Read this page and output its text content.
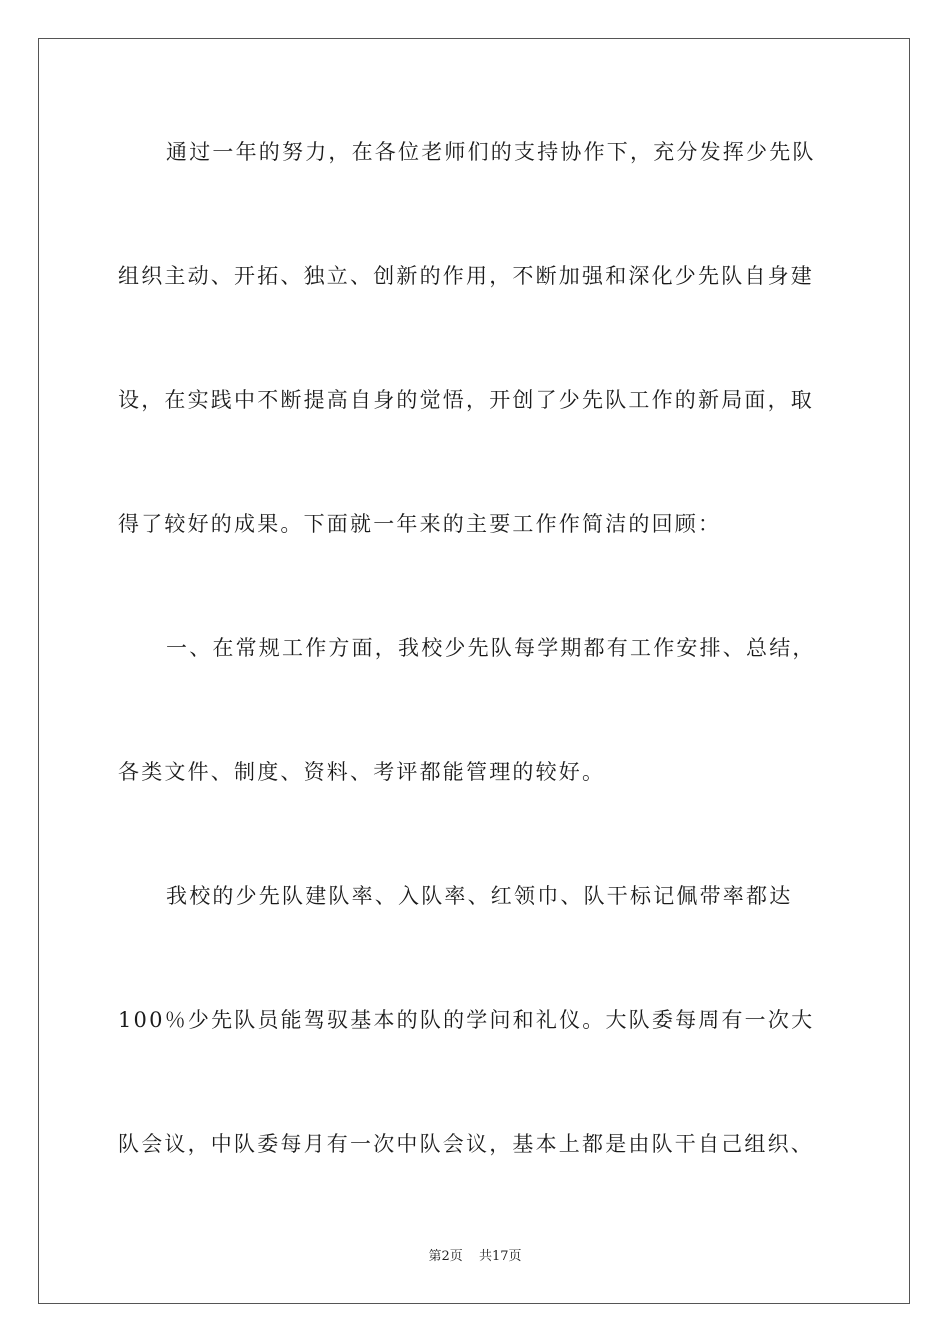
通过一年的努力，在各位老师们的支持协作下，充分发挥少先队
组织主动、开拓、独立、创新的作用，不断加强和深化少先队自身建
设，在实践中不断提高自身的觉悟，开创了少先队工作的新局面，取
得了较好的成果。下面就一年来的主要工作作简洁的回顾：
一、在常规工作方面，我校少先队每学期都有工作安排、总结，
各类文件、制度、资料、考评都能管理的较好。
我校的少先队建队率、入队率、红领巾、队干标记佩带率都达
100％少先队员能驾驭基本的队的学问和礼仪。大队委每周有一次大
队会议，中队委每月有一次中队会议，基本上都是由队干自己组织、
第2页 共17页
